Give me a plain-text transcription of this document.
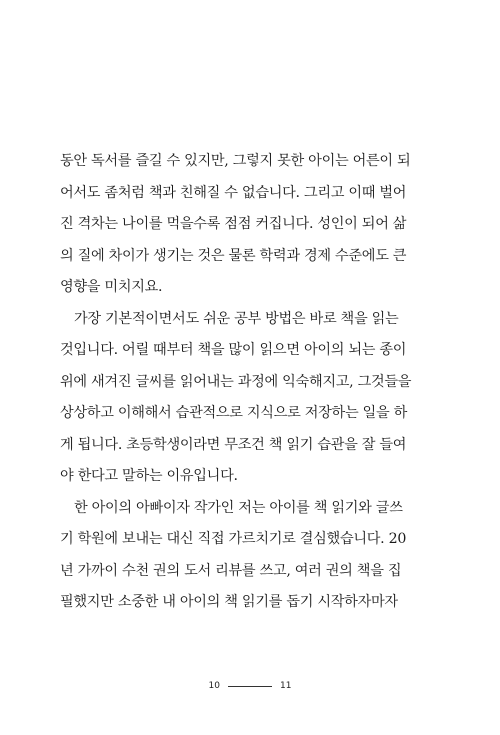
동안 독서를 즐길 수 있지만, 그렇지 못한 아이는 어른이 되
어서도 좀처럼 책과 친해질 수 없습니다. 그리고 이때 벌어
진 격차는 나이를 먹을수록 점점 커집니다. 성인이 되어 삶
의 질에 차이가 생기는 것은 물론 학력과 경제 수준에도 큰
영향을 미치지요.
가장 기본적이면서도 쉬운 공부 방법은 바로 책을 읽는
것입니다. 어릴 때부터 책을 많이 읽으면 아이의 뇌는 종이
위에 새겨진 글씨를 읽어내는 과정에 익숙해지고, 그것들을
상상하고 이해해서 습관적으로 지식으로 저장하는 일을 하
게 됩니다. 초등학생이라면 무조건 책 읽기 습관을 잘 들여
야 한다고 말하는 이유입니다.
한 아이의 아빠이자 작가인 저는 아이를 책 읽기와 글쓰
기 학원에 보내는 대신 직접 가르치기로 결심했습니다. 20
년 가까이 수천 권의 도서 리뷰를 쓰고, 여러 권의 책을 집
필했지만 소중한 내 아이의 책 읽기를 돕기 시작하자마자
10	11
